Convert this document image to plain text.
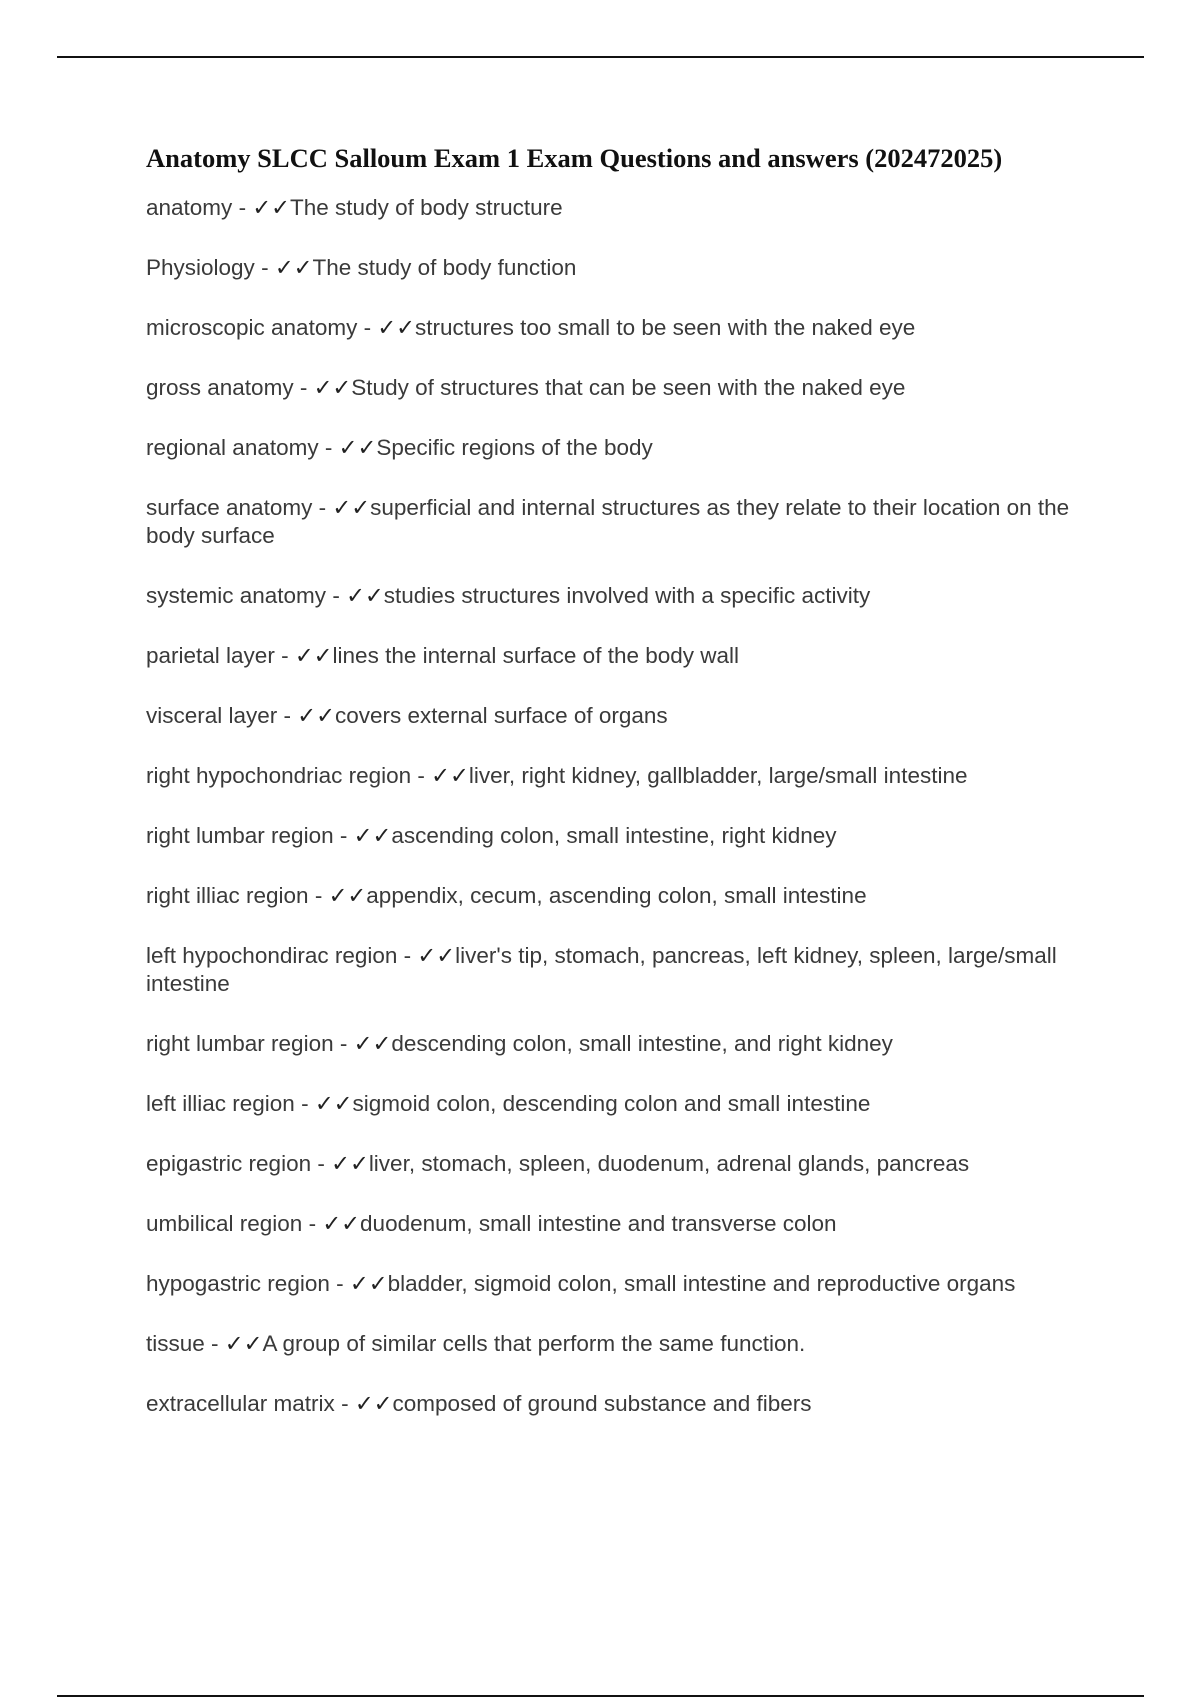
Anatomy SLCC Salloum Exam 1 Exam Questions and answers (202472025)
anatomy - ✓✓The study of body structure
Physiology - ✓✓The study of body function
microscopic anatomy - ✓✓structures too small to be seen with the naked eye
gross anatomy - ✓✓Study of structures that can be seen with the naked eye
regional anatomy - ✓✓Specific regions of the body
surface anatomy - ✓✓superficial and internal structures as they relate to their location on the body surface
systemic anatomy - ✓✓studies structures involved with a specific activity
parietal layer - ✓✓lines the internal surface of the body wall
visceral layer - ✓✓covers external surface of organs
right hypochondriac region - ✓✓liver, right kidney, gallbladder, large/small intestine
right lumbar region - ✓✓ascending colon, small intestine, right kidney
right illiac region - ✓✓appendix, cecum, ascending colon, small intestine
left hypochondirac region - ✓✓liver's tip, stomach, pancreas, left kidney, spleen, large/small intestine
right lumbar region - ✓✓descending colon, small intestine, and right kidney
left illiac region - ✓✓sigmoid colon, descending colon and small intestine
epigastric region - ✓✓liver, stomach, spleen, duodenum, adrenal glands, pancreas
umbilical region - ✓✓duodenum, small intestine and transverse colon
hypogastric region - ✓✓bladder, sigmoid colon, small intestine and reproductive organs
tissue - ✓✓A group of similar cells that perform the same function.
extracellular matrix - ✓✓composed of ground substance and fibers
